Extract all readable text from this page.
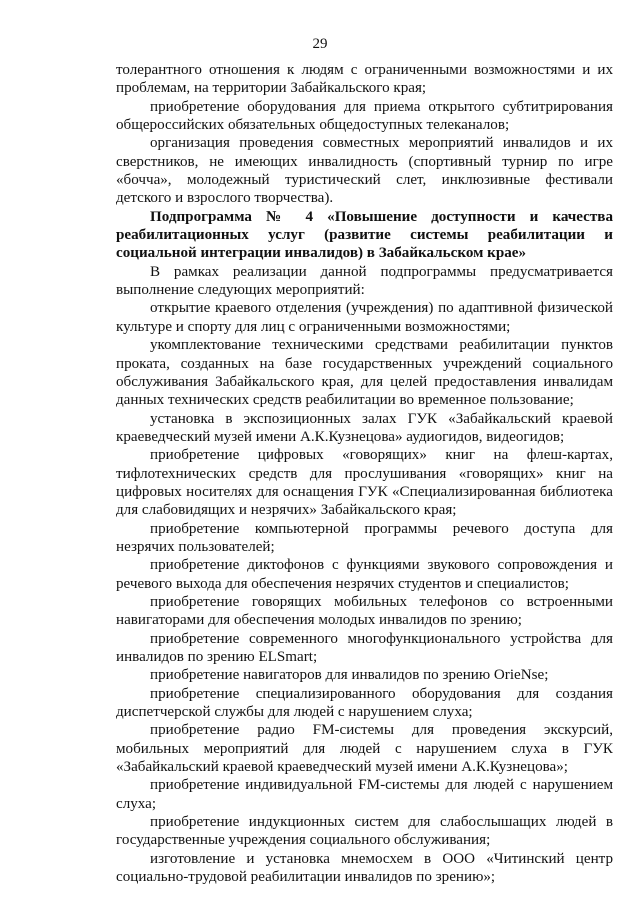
29

толерантного отношения к людям с ограниченными возможностями и их проблемам, на территории Забайкальского края;

приобретение оборудования для приема открытого субтитрирования общероссийских обязательных общедоступных телеканалов;

организация проведения совместных мероприятий инвалидов и их сверстников, не имеющих инвалидность (спортивный турнир по игре «бочча», молодежный туристический слет, инклюзивные фестивали детского и взрослого творчества).

Подпрограмма № 4 «Повышение доступности и качества реабилитационных услуг (развитие системы реабилитации и социальной интеграции инвалидов) в Забайкальском крае»

В рамках реализации данной подпрограммы предусматривается выполнение следующих мероприятий:

открытие краевого отделения (учреждения) по адаптивной физической культуре и спорту для лиц с ограниченными возможностями;

укомплектование техническими средствами реабилитации пунктов проката, созданных на базе государственных учреждений социального обслуживания Забайкальского края, для целей предоставления инвалидам данных технических средств реабилитации во временное пользование;

установка в экспозиционных залах ГУК «Забайкальский краевой краеведческий музей имени А.К.Кузнецова» аудиогидов, видеогидов;

приобретение цифровых «говорящих» книг на флеш-картах, тифлотехнических средств для прослушивания «говорящих» книг на цифровых носителях для оснащения ГУК «Специализированная библиотека для слабовидящих и незрячих» Забайкальского края;

приобретение компьютерной программы речевого доступа для незрячих пользователей;

приобретение диктофонов с функциями звукового сопровождения и речевого выхода для обеспечения незрячих студентов и специалистов;

приобретение говорящих мобильных телефонов со встроенными навигаторами для обеспечения молодых инвалидов по зрению;

приобретение современного многофункционального устройства для инвалидов по зрению ELSmart;

приобретение навигаторов для инвалидов по зрению OrieNse;

приобретение специализированного оборудования для создания диспетчерской службы для людей с нарушением слуха;

приобретение радио FM-системы для проведения экскурсий, мобильных мероприятий для людей с нарушением слуха в ГУК «Забайкальский краевой краеведческий музей имени А.К.Кузнецова»;

приобретение индивидуальной FM-системы для людей с нарушением слуха;

приобретение индукционных систем для слабослышащих людей в государственные учреждения социального обслуживания;

изготовление и установка мнемосхем в ООО «Читинский центр социально-трудовой реабилитации инвалидов по зрению»;
